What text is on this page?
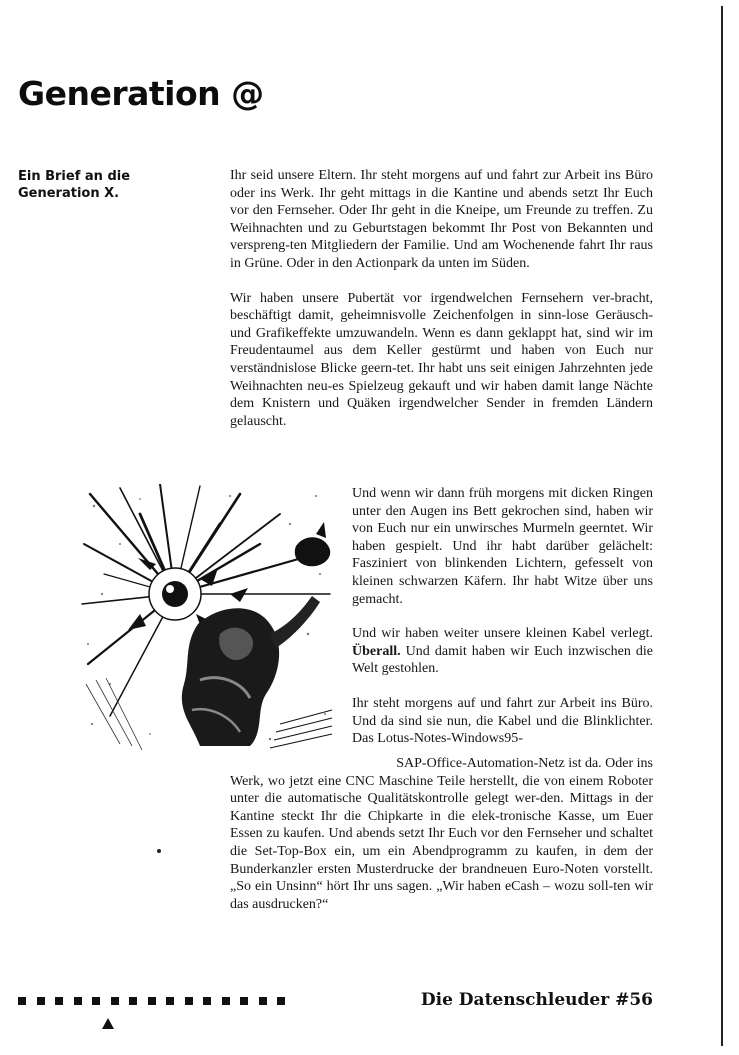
Generation @
Ein Brief an die
Generation X.

Ihr seid unsere Eltern. Ihr steht morgens auf und fahrt zur Arbeit ins Büro oder ins Werk. Ihr geht mittags in die Kantine und abends setzt Ihr Euch vor den Fernseher. Oder Ihr geht in die Kneipe, um Freunde zu treffen. Zu Weihnachten und zu Geburtstagen bekommt Ihr Post von Bekannten und verspreng-ten Mitgliedern der Familie. Und am Wochenende fahrt Ihr raus in Grüne. Oder in den Actionpark da unten im Süden.

Wir haben unsere Pubertät vor irgendwelchen Fernsehern ver-bracht, beschäftigt damit, geheimnisvolle Zeichenfolgen in sinn-lose Geräusch- und Grafikeffekte umzuwandeln. Wenn es dann geklappt hat, sind wir im Freudentaumel aus dem Keller gestürmt und haben von Euch nur verständnislose Blicke geern-tet. Ihr habt uns seit einigen Jahrzehnten jede Weihnachten neu-es Spielzeug gekauft und wir haben damit lange Nächte dem Knistern und Quäken irgendwelcher Sender in fremden Ländern gelauscht.

Und wenn wir dann früh morgens mit dicken Ringen unter den Augen ins Bett gekrochen sind, haben wir von Euch nur ein unwirsches Murmeln geerntet. Wir haben gespielt. Und ihr habt darüber gelächelt: Fasziniert von blinkenden Lichtern, gefesselt von kleinen schwarzen Käfern. Ihr habt Witze über uns gemacht.

Und wir haben weiter unsere kleinen Kabel verlegt. Überall. Und damit haben wir Euch inzwischen die Welt gestohlen.

Ihr steht morgens auf und fahrt zur Arbeit ins Büro. Und da sind sie nun, die Kabel und die Blinklichter. Das Lotus-Notes-Windows95-

SAP-Office-Automation-Netz ist da. Oder ins
Werk, wo jetzt eine CNC Maschine Teile herstellt, die von einem Roboter unter die automatische Qualitätskontrolle gelegt wer-den. Mittags in der Kantine steckt Ihr die Chipkarte in die elek-tronische Kasse, um Euer Essen zu kaufen. Und abends setzt Ihr Euch vor den Fernseher und schaltet die Set-Top-Box ein, um ein Abendprogramm zu kaufen, in dem der Bunderkanzler ersten Musterdrucke der brandneuen Euro-Noten vorstellt. „So ein Unsinn“ hört Ihr uns sagen. „Wir haben eCash – wozu soll-ten wir das ausdrucken?“

Die Datenschleuder #56
